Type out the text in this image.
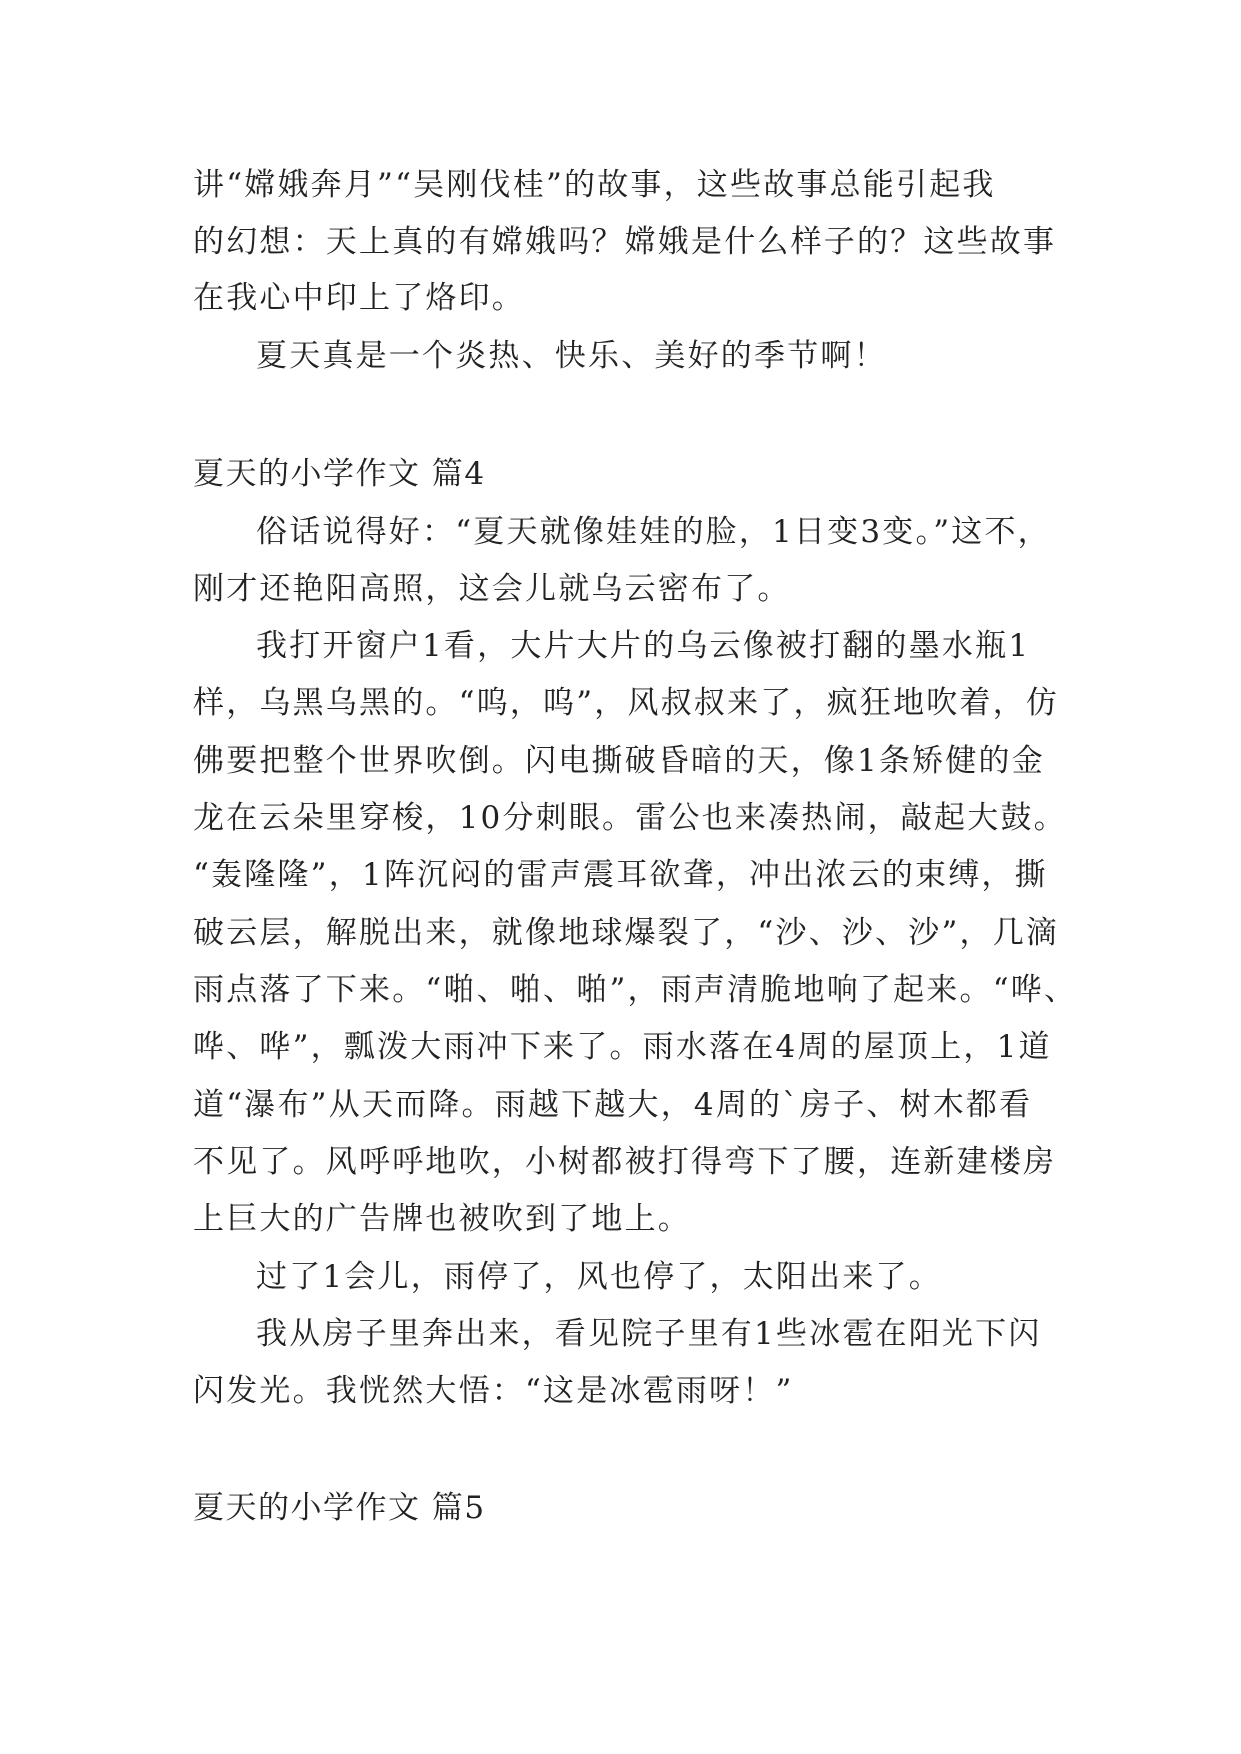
讲“嫦娥奔月”“吴刚伐桂”的故事，这些故事总能引起我
的幻想：天上真的有嫦娥吗？嫦娥是什么样子的？这些故事
在我心中印上了烙印。
夏天真是一个炎热、快乐、美好的季节啊！
夏天的小学作文 篇4
俗话说得好：“夏天就像娃娃的脸，1日变3变。”这不，
刚才还艳阳高照，这会儿就乌云密布了。
我打开窗户1看，大片大片的乌云像被打翻的墨水瓶1
样，乌黑乌黑的。“呜，呜”，风叔叔来了，疯狂地吹着，仿
佛要把整个世界吹倒。闪电撕破昏暗的天，像1条矫健的金
龙在云朵里穿梭，10分刺眼。雷公也来凑热闹，敲起大鼓。
“轰隆隆”，1阵沉闷的雷声震耳欲聋，冲出浓云的束缚，撕
破云层，解脱出来，就像地球爆裂了，“沙、沙、沙”，几滴
雨点落了下来。“啪、啪、啪”，雨声清脆地响了起来。“哗、
哗、哗”，瓢泼大雨冲下来了。雨水落在4周的屋顶上，1道
道“瀑布”从天而降。雨越下越大，4周的`房子、树木都看
不见了。风呼呼地吹，小树都被打得弯下了腰，连新建楼房
上巨大的广告牌也被吹到了地上。
过了1会儿，雨停了，风也停了，太阳出来了。
我从房子里奔出来，看见院子里有1些冰雹在阳光下闪
闪发光。我恍然大悟：“这是冰雹雨呀！”
夏天的小学作文 篇5
